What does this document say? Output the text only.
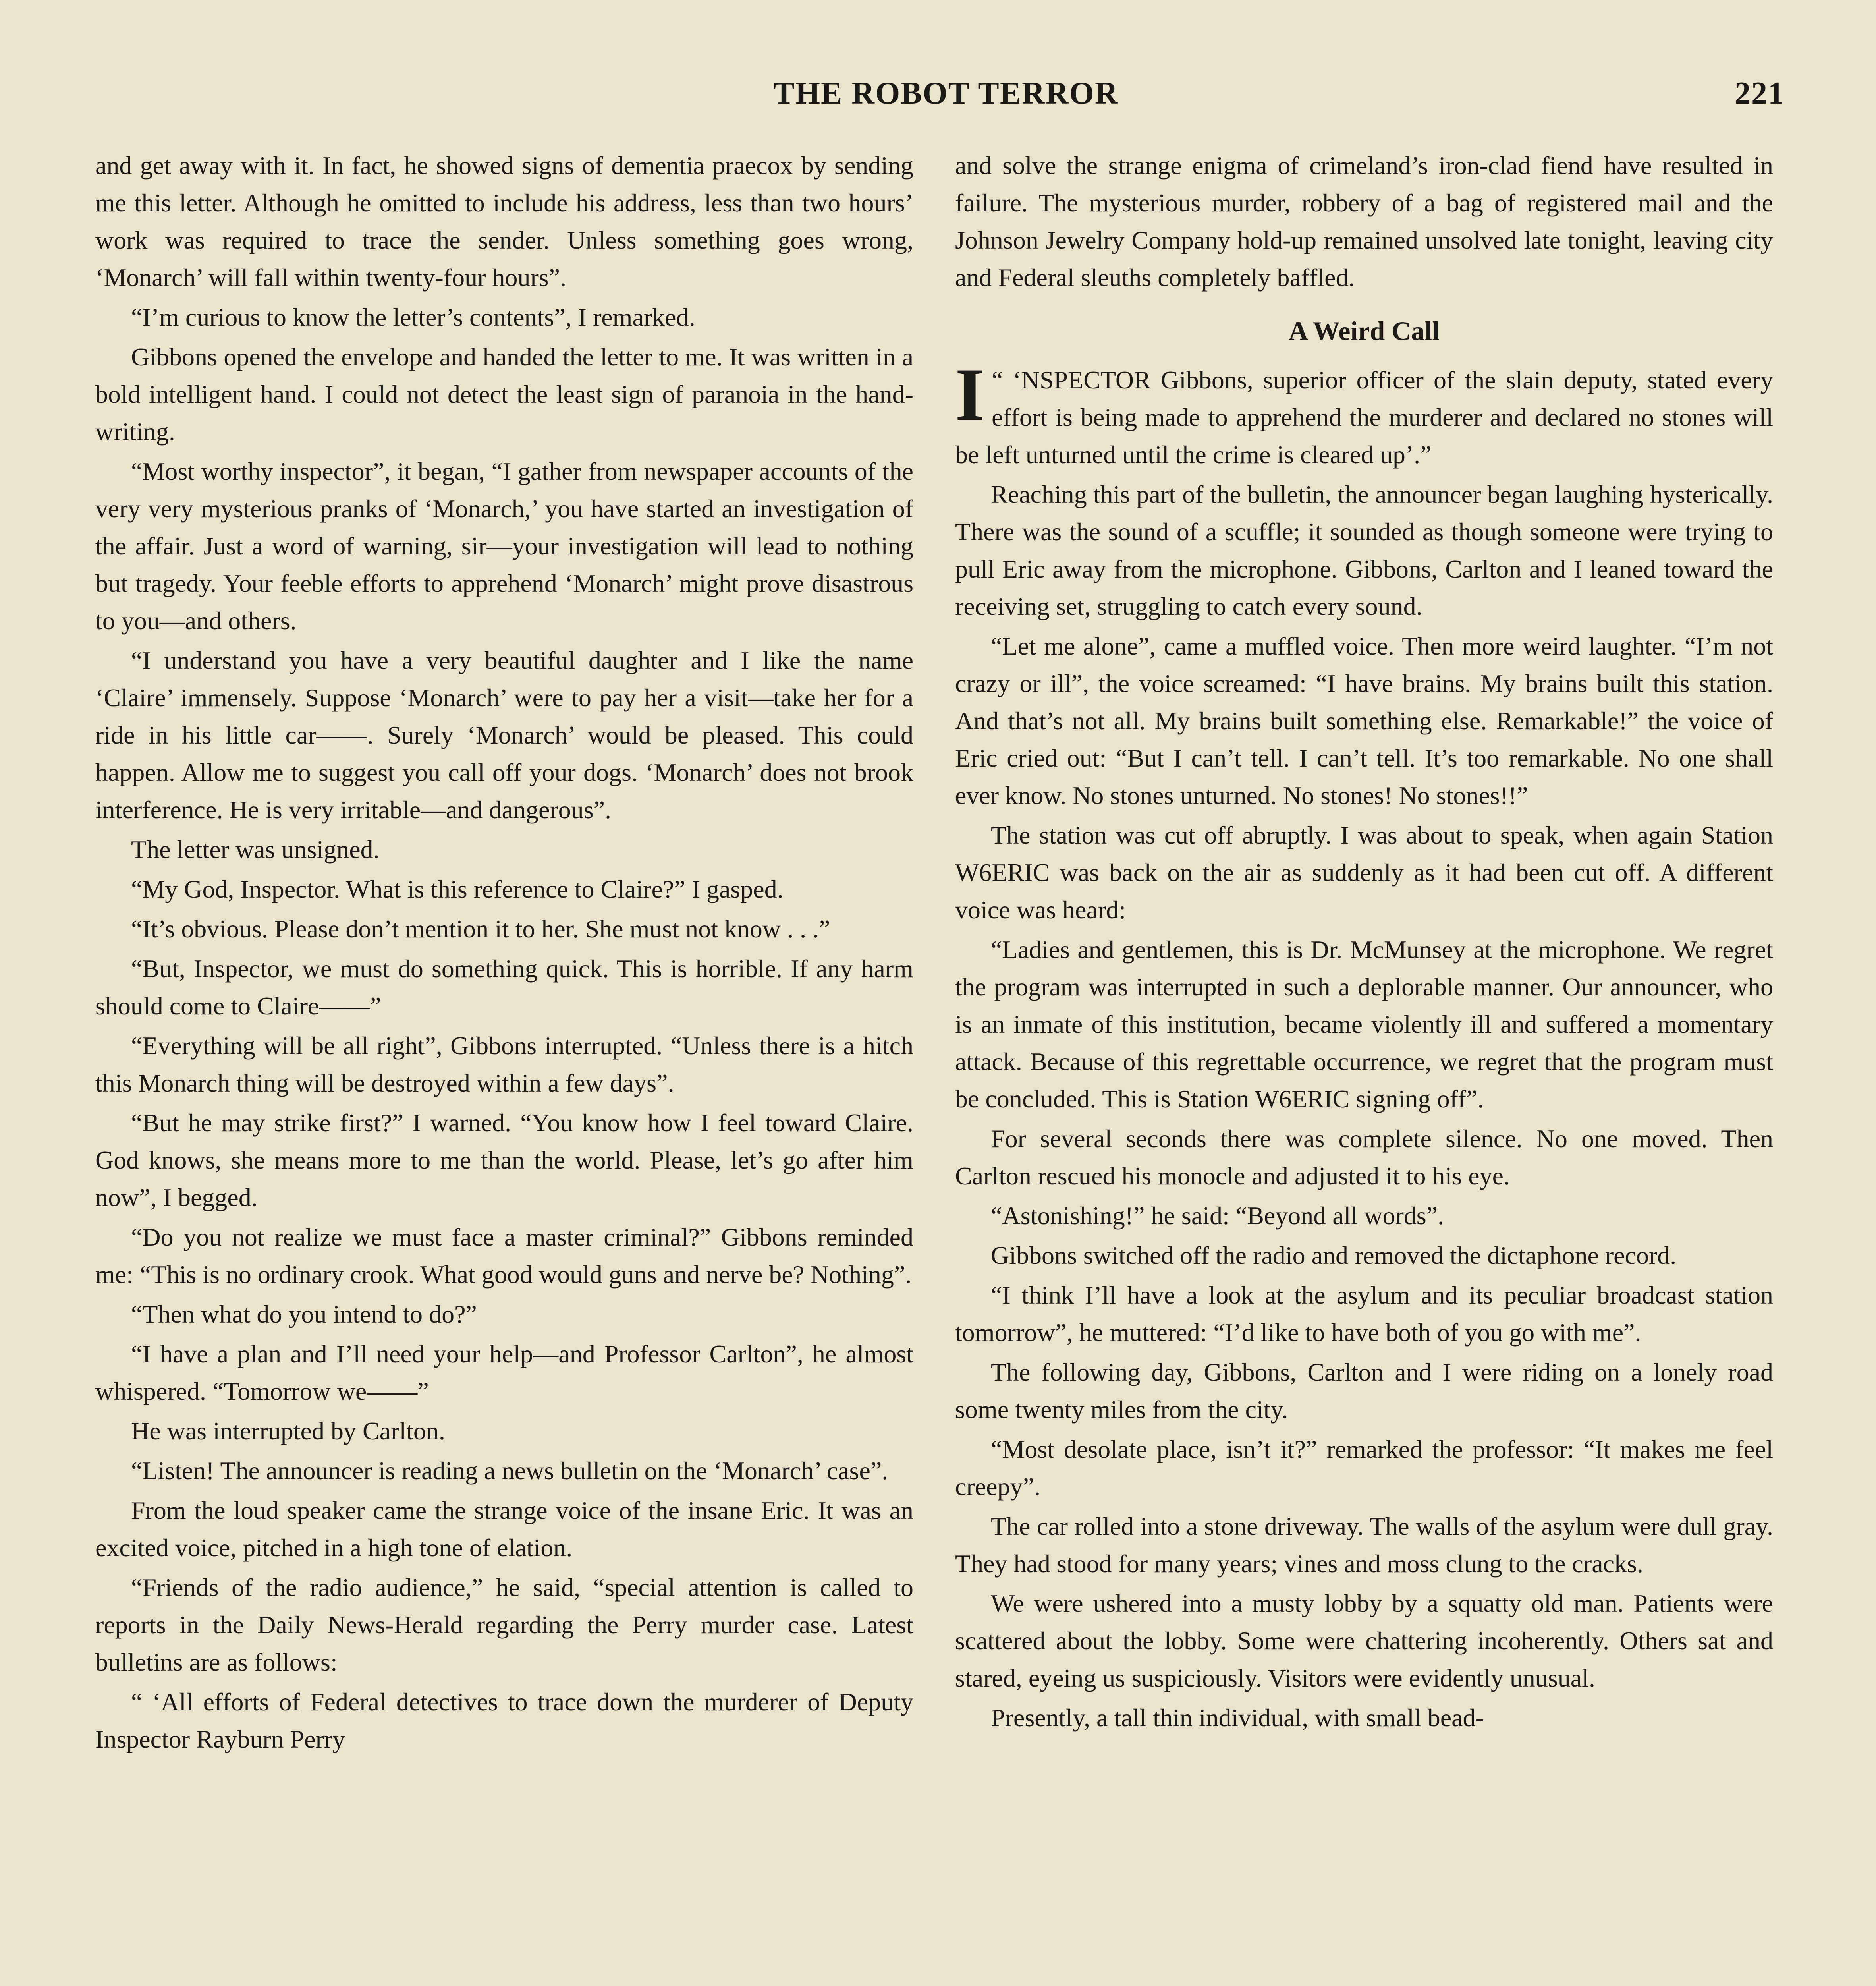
THE ROBOT TERROR	221

and get away with it. In fact, he showed signs of dementia praecox by sending me this letter. Although he omitted to include his address, less than two hours’ work was required to trace the sender. Unless something goes wrong, ‘Monarch’ will fall within twenty-four hours”.

“I’m curious to know the letter’s contents”, I remarked.

Gibbons opened the envelope and handed the letter to me. It was written in a bold intelligent hand. I could not detect the least sign of paranoia in the hand-writing.

“Most worthy inspector”, it began, “I gather from newspaper accounts of the very very mysterious pranks of ‘Monarch,’ you have started an investigation of the affair. Just a word of warning, sir—your investigation will lead to nothing but tragedy. Your feeble efforts to apprehend ‘Monarch’ might prove disastrous to you—and others.

“I understand you have a very beautiful daughter and I like the name ‘Claire’ immensely. Suppose ‘Monarch’ were to pay her a visit—take her for a ride in his little car——. Surely ‘Monarch’ would be pleased. This could happen. Allow me to suggest you call off your dogs. ‘Monarch’ does not brook interference. He is very irritable—and dangerous”.

The letter was unsigned.

“My God, Inspector. What is this reference to Claire?” I gasped.

“It’s obvious. Please don’t mention it to her. She must not know . . .”

“But, Inspector, we must do something quick. This is horrible. If any harm should come to Claire——”

“Everything will be all right”, Gibbons interrupted. “Unless there is a hitch this Monarch thing will be destroyed within a few days”.

“But he may strike first?” I warned. “You know how I feel toward Claire. God knows, she means more to me than the world. Please, let’s go after him now”, I begged.

“Do you not realize we must face a master criminal?” Gibbons reminded me: “This is no ordinary crook. What good would guns and nerve be? Nothing”.

“Then what do you intend to do?”

“I have a plan and I’ll need your help—and Professor Carlton”, he almost whispered. “Tomorrow we——”

He was interrupted by Carlton.

“Listen! The announcer is reading a news bulletin on the ‘Monarch’ case”.

From the loud speaker came the strange voice of the insane Eric. It was an excited voice, pitched in a high tone of elation.

“Friends of the radio audience,” he said, “special attention is called to reports in the Daily News-Herald regarding the Perry murder case. Latest bulletins are as follows:

“ ‘All efforts of Federal detectives to trace down the murderer of Deputy Inspector Rayburn Perry

and solve the strange enigma of crimeland’s iron-clad fiend have resulted in failure. The mysterious murder, robbery of a bag of registered mail and the Johnson Jewelry Company hold-up remained unsolved late tonight, leaving city and Federal sleuths completely baffled.

A Weird Call

“ ‘
I NSPECTOR Gibbons, superior officer of the slain deputy, stated every effort is being made to apprehend the murderer and declared no stones will be left unturned until the crime is cleared up’.”

Reaching this part of the bulletin, the announcer began laughing hysterically. There was the sound of a scuffle; it sounded as though someone were trying to pull Eric away from the microphone. Gibbons, Carlton and I leaned toward the receiving set, struggling to catch every sound.

“Let me alone”, came a muffled voice. Then more weird laughter. “I’m not crazy or ill”, the voice screamed: “I have brains. My brains built this station. And that’s not all. My brains built something else. Remarkable!” the voice of Eric cried out: “But I can’t tell. I can’t tell. It’s too remarkable. No one shall ever know. No stones unturned. No stones! No stones!!”

The station was cut off abruptly. I was about to speak, when again Station W6ERIC was back on the air as suddenly as it had been cut off. A different voice was heard:

“Ladies and gentlemen, this is Dr. McMunsey at the microphone. We regret the program was interrupted in such a deplorable manner. Our announcer, who is an inmate of this institution, became violently ill and suffered a momentary attack. Because of this regrettable occurrence, we regret that the program must be concluded. This is Station W6ERIC signing off”.

For several seconds there was complete silence. No one moved. Then Carlton rescued his monocle and adjusted it to his eye.

“Astonishing!” he said: “Beyond all words”.

Gibbons switched off the radio and removed the dictaphone record.

“I think I’ll have a look at the asylum and its peculiar broadcast station tomorrow”, he muttered: “I’d like to have both of you go with me”.

The following day, Gibbons, Carlton and I were riding on a lonely road some twenty miles from the city.

“Most desolate place, isn’t it?” remarked the professor: “It makes me feel creepy”.

The car rolled into a stone driveway. The walls of the asylum were dull gray. They had stood for many years; vines and moss clung to the cracks.

We were ushered into a musty lobby by a squatty old man. Patients were scattered about the lobby. Some were chattering incoherently. Others sat and stared, eyeing us suspiciously. Visitors were evidently unusual.

Presently, a tall thin individual, with small bead-
